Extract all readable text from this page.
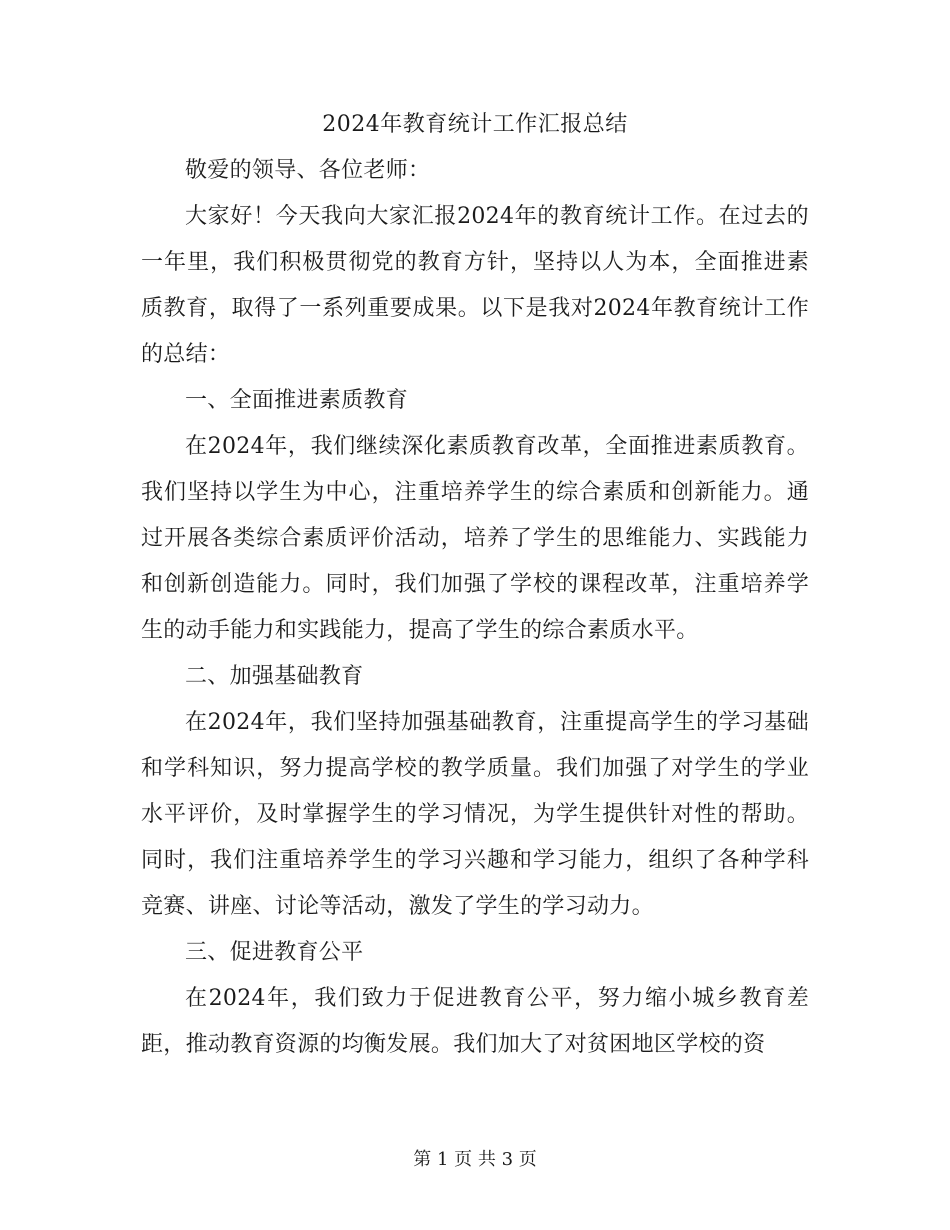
2024年教育统计工作汇报总结

敬爱的领导、各位老师：

大家好！今天我向大家汇报2024年的教育统计工作。在过去的一年里，我们积极贯彻党的教育方针，坚持以人为本，全面推进素质教育，取得了一系列重要成果。以下是我对2024年教育统计工作的总结：

一、全面推进素质教育

在2024年，我们继续深化素质教育改革，全面推进素质教育。我们坚持以学生为中心，注重培养学生的综合素质和创新能力。通过开展各类综合素质评价活动，培养了学生的思维能力、实践能力和创新创造能力。同时，我们加强了学校的课程改革，注重培养学生的动手能力和实践能力，提高了学生的综合素质水平。

二、加强基础教育

在2024年，我们坚持加强基础教育，注重提高学生的学习基础和学科知识，努力提高学校的教学质量。我们加强了对学生的学业水平评价，及时掌握学生的学习情况，为学生提供针对性的帮助。同时，我们注重培养学生的学习兴趣和学习能力，组织了各种学科竞赛、讲座、讨论等活动，激发了学生的学习动力。

三、促进教育公平

在2024年，我们致力于促进教育公平，努力缩小城乡教育差距，推动教育资源的均衡发展。我们加大了对贫困地区学校的资

第 1 页 共 3 页
